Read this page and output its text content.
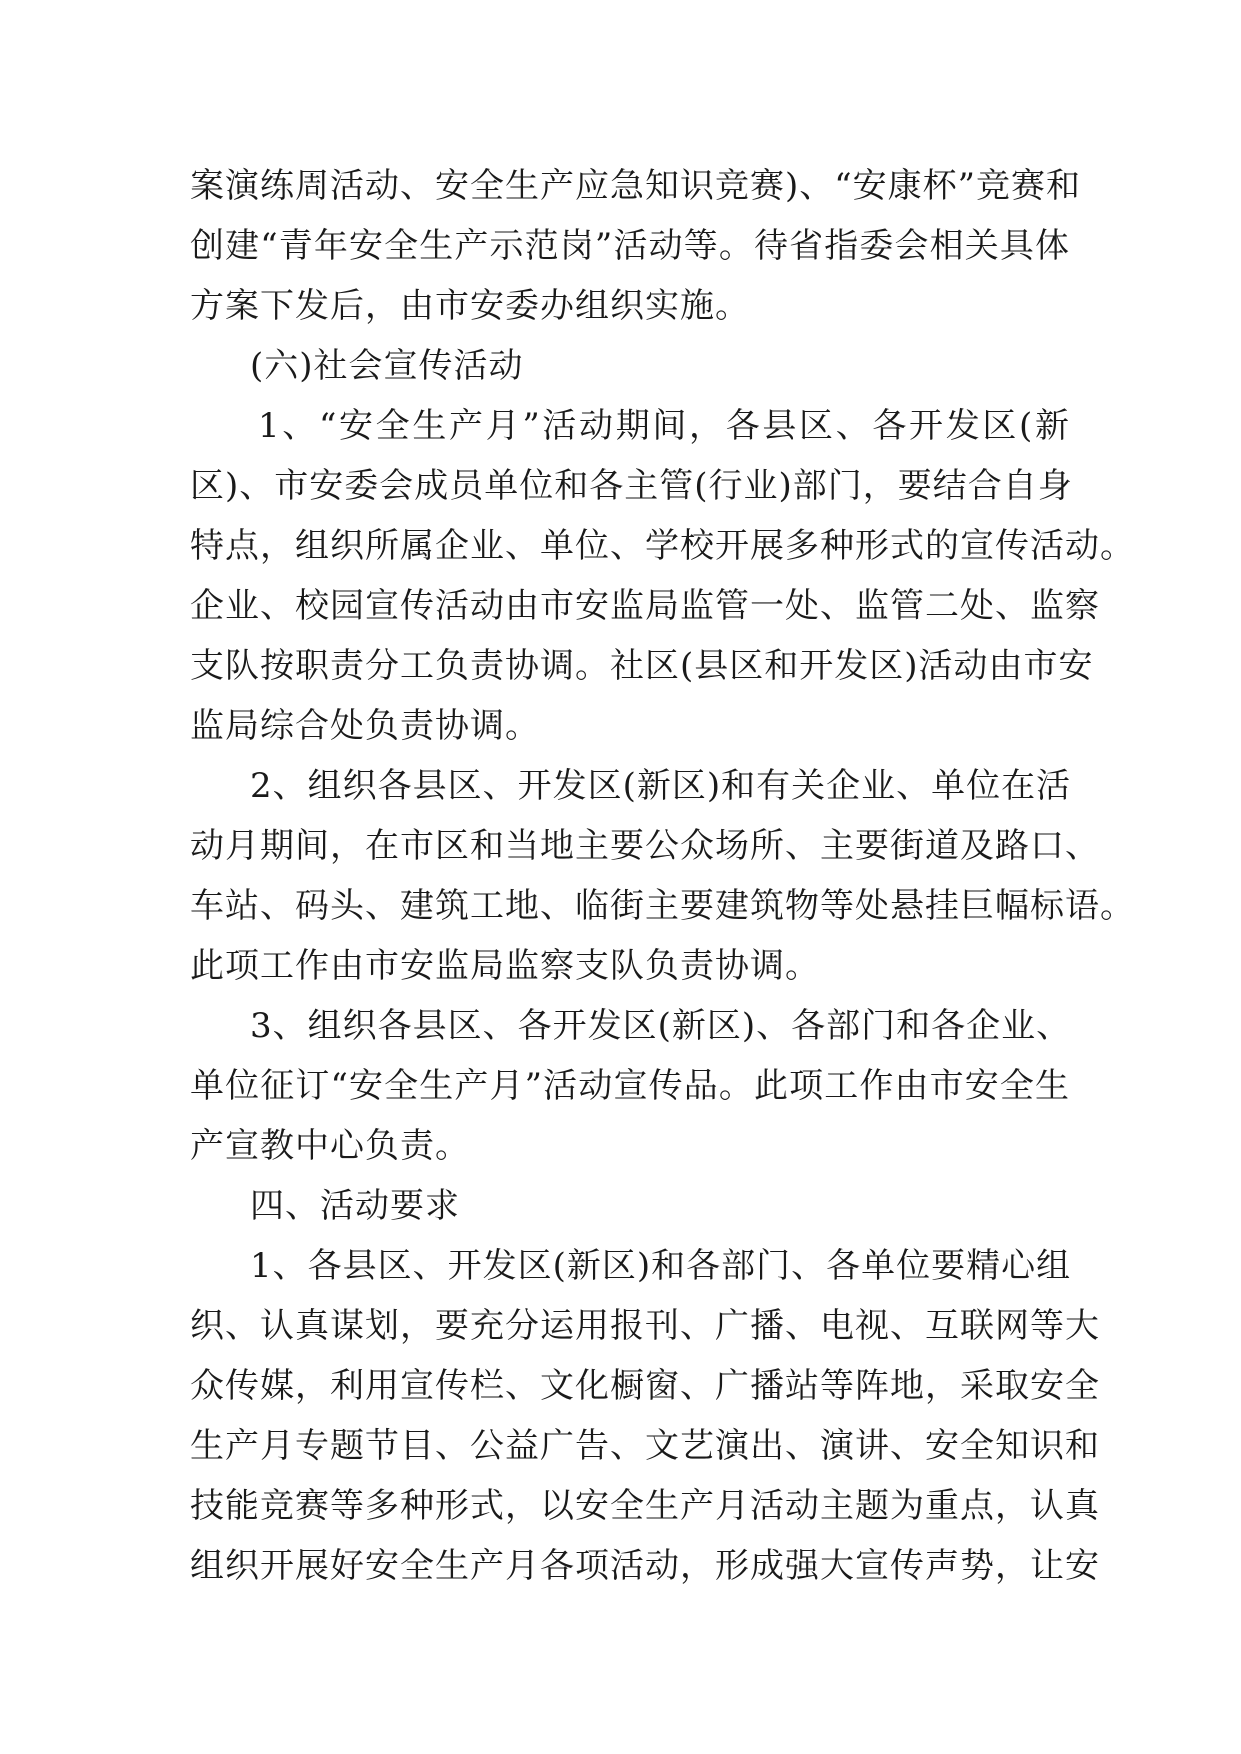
案演练周活动、安全生产应急知识竞赛)、“安康杯”竞赛和
创建“青年安全生产示范岗”活动等。待省指委会相关具体
方案下发后，由市安委办组织实施。
(六)社会宣传活动
1、“安全生产月”活动期间，各县区、各开发区(新
区)、市安委会成员单位和各主管(行业)部门，要结合自身
特点，组织所属企业、单位、学校开展多种形式的宣传活动。
企业、校园宣传活动由市安监局监管一处、监管二处、监察
支队按职责分工负责协调。社区(县区和开发区)活动由市安
监局综合处负责协调。
2、组织各县区、开发区(新区)和有关企业、单位在活
动月期间，在市区和当地主要公众场所、主要街道及路口、
车站、码头、建筑工地、临街主要建筑物等处悬挂巨幅标语。
此项工作由市安监局监察支队负责协调。
3、组织各县区、各开发区(新区)、各部门和各企业、
单位征订“安全生产月”活动宣传品。此项工作由市安全生
产宣教中心负责。
四、活动要求
1、各县区、开发区(新区)和各部门、各单位要精心组
织、认真谋划，要充分运用报刊、广播、电视、互联网等大
众传媒，利用宣传栏、文化橱窗、广播站等阵地，采取安全
生产月专题节目、公益广告、文艺演出、演讲、安全知识和
技能竞赛等多种形式，以安全生产月活动主题为重点，认真
组织开展好安全生产月各项活动，形成强大宣传声势，让安
